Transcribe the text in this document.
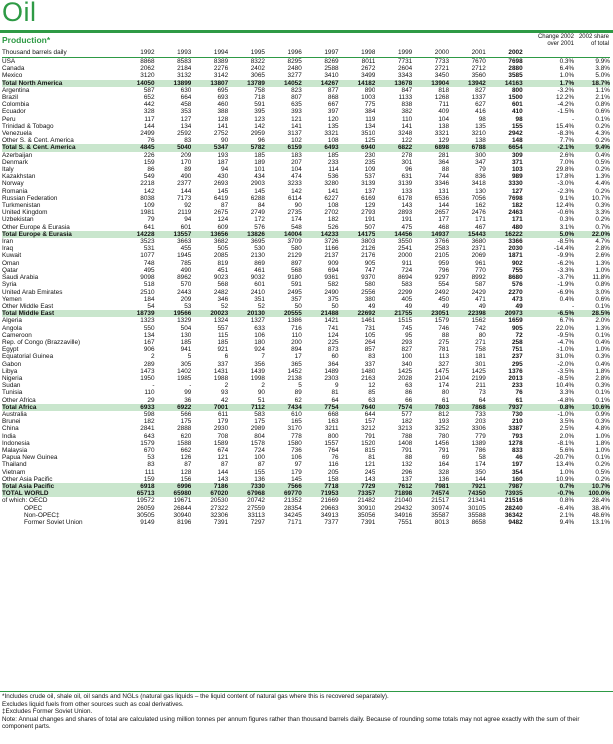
Oil
Production*	Change 2002 over 2001
2002 share of total
Thousand barrels daily	1992	1993	1994	1995	1996	1997	1998	1999	2000	2001	2002		
USA	8868	8583	8389	8322	8295	8269	8011	7731	7733	7670	7698	0.3%	9.9%
Canada	2062	2184	2276	2402	2480	2588	2672	2604	2721	2712	2880	6.4%	3.8%
Mexico	3120	3132	3142	3065	3277	3410	3499	3343	3450	3560	3585	1.0%	5.0%
Total North America	14050	13899	13807	13789	14052	14267	14182	13678	13904	13942	14163	1.7%	18.7%
Argentina	587	630	695	758	823	877	890	847	818	827	800	-3.2%	1.1%
Brazil	652	664	693	718	807	868	1003	1133	1268	1337	1500	12.2%	2.1%
Colombia	442	458	460	591	635	667	775	838	711	627	601	-4.2%	0.8%
Ecuador	328	353	388	395	393	397	384	382	409	416	410	-1.5%	0.6%
Peru	117	127	128	123	121	120	119	110	104	98	98	-	0.1%
Trinidad & Tobago	144	134	141	142	141	135	134	141	138	135	155	15.4%	0.2%
Venezuela	2499	2592	2752	2959	3137	3321	3510	3248	3321	3210	2942	-8.3%	4.3%
Other S. & Cent. America	76	83	90	96	102	108	125	122	129	138	148	7.7%	0.2%
Total S. & Cent. America	4845	5040	5347	5782	6159	6493	6940	6822	6898	6788	6654	-2.1%	9.4%
Azerbaijan	226	209	193	185	183	185	230	278	281	300	309	2.6%	0.4%
Denmark	159	170	187	189	207	233	235	301	364	347	371	7.0%	0.5%
Italy	86	89	94	101	104	114	109	96	88	79	103	29.8%	0.2%
Kazakhstan	549	490	430	434	474	536	537	631	744	836	989	17.8%	1.3%
Norway	2218	2377	2693	2903	3233	3280	3139	3139	3346	3418	3330	-3.0%	4.4%
Romania	142	144	145	145	142	141	137	133	131	130	127	-2.3%	0.2%
Russian Federation	8038	7173	6419	6288	6114	6227	6169	6178	6536	7056	7698	9.1%	10.7%
Turkmenistan	109	92	87	84	90	108	129	143	144	162	182	12.4%	0.3%
United Kingdom	1981	2119	2675	2749	2735	2702	2793	2893	2657	2476	2463	-0.6%	3.3%
Uzbekistan	79	94	124	172	174	182	191	191	177	171	171	0.3%	0.2%
Other Europe & Eurasia	641	601	609	576	548	526	507	475	468	467	480	3.1%	0.7%
Total Europe & Eurasia	14228	13557	13656	13826	14004	14233	14175	14456	14937	15443	16222	5.0%	22.0%
Iran	3523	3663	3682	3695	3709	3726	3803	3550	3766	3680	3366	-8.5%	4.7%
Iraq	531	455	505	530	580	1166	2126	2541	2583	2371	2030	-14.4%	2.8%
Kuwait	1077	1945	2085	2130	2129	2137	2176	2000	2105	2069	1871	-9.9%	2.6%
Oman	748	785	819	869	897	909	905	911	959	961	902	-6.2%	1.3%
Qatar	495	490	451	461	568	694	747	724	796	770	755	-3.3%	1.0%
Saudi Arabia	9098	8962	9023	9032	9180	9361	9370	8694	9297	8992	8680	-3.7%	11.8%
Syria	518	570	568	601	591	582	580	583	554	587	576	-1.9%	0.8%
United Arab Emirates	2510	2443	2482	2410	2495	2490	2556	2299	2492	2429	2270	-6.9%	3.0%
Yemen	184	209	346	351	357	375	380	405	450	471	473	0.4%	0.6%
Other Middle East	54	53	52	52	50	50	49	49	49	49	49	-	0.1%
Total Middle East	18739	19566	20023	20130	20555	21488	22692	21755	23051	22398	20973	-6.5%	28.5%
Algeria	1323	1329	1324	1327	1386	1421	1461	1515	1579	1562	1659	6.7%	2.0%
Angola	550	504	557	633	716	741	731	745	746	742	905	22.0%	1.3%
Cameroon	134	130	115	106	110	124	105	95	88	80	72	-9.5%	0.1%
Rep. of Congo (Brazzaville)	167	185	185	180	200	225	264	293	275	271	258	-4.7%	0.4%
Egypt	906	941	921	924	894	873	857	827	781	758	751	-1.0%	1.0%
Equatorial Guinea	2	5	6	7	17	60	83	100	113	181	237	31.0%	0.3%
Gabon	289	305	337	356	365	364	337	340	327	301	295	-2.0%	0.4%
Libya	1473	1402	1431	1439	1452	1489	1480	1425	1475	1425	1376	-3.5%	1.8%
Nigeria	1950	1985	1988	1998	2138	2303	2163	2028	2104	2199	2013	-8.5%	2.8%
Sudan	-	-	2	2	5	9	12	63	174	211	233	10.4%	0.3%
Tunisia	110	99	93	90	89	81	85	86	80	73	76	3.3%	0.1%
Other Africa	29	36	42	51	62	64	63	66	61	64	61	-4.8%	0.1%
Total Africa	6933	6922	7001	7112	7434	7754	7640	7574	7803	7868	7937	0.8%	10.6%
Australia	598	566	611	583	610	668	644	577	812	733	730	-1.0%	0.9%
Brunei	182	175	179	175	165	163	157	182	193	203	210	3.5%	0.3%
China	2841	2888	2930	2989	3170	3211	3212	3213	3252	3306	3387	2.5%	4.8%
India	643	620	708	804	778	800	791	788	780	779	793	2.0%	1.0%
Indonesia	1579	1588	1589	1578	1580	1557	1520	1408	1456	1389	1278	-8.1%	1.8%
Malaysia	670	662	674	724	736	764	815	791	791	786	833	5.6%	1.0%
Papua New Guinea	53	126	121	100	106	76	81	88	69	58	46	-20.7%	0.1%
Thailand	83	87	87	87	97	116	121	132	164	174	197	13.4%	0.2%
Vietnam	111	128	144	155	179	205	245	296	328	350	354	1.0%	0.5%
Other Asia Pacific	159	156	143	136	145	158	143	137	136	144	160	10.9%	0.2%
Total Asia Pacific	6918	6996	7186	7330	7566	7718	7729	7612	7981	7921	7987	0.7%	10.7%
TOTAL WORLD	65713	65980	67020	67968	69770	71953	73357	71898	74574	74350	73935	-0.7%	100.0%
of which: OECD	19572	19671	20530	20742	21352	21669	21482	21040	21517	21341	21516	0.8%	28.4%
OPEC	26059	26844	27322	27559	28354	29663	30910	29432	30974	30105	28240	-6.4%	38.4%
Non-OPEC‡	30505	30940	32306	33113	34245	34913	35056	34916	35587	35588	36342	2.1%	48.6%
Former Soviet Union	9149	8196	7391	7297	7171	7377	7391	7551	8013	8658	9482	9.4%	13.1%
*Includes crude oil, shale oil, oil sands and NGLs (natural gas liquids – the liquid content of natural gas where this is recovered separately).
Excludes liquid fuels from other sources such as coal derivatives.
‡Excludes Former Soviet Union.
Note: Annual changes and shares of total are calculated using million tonnes per annum figures rather than thousand barrels daily. Because of rounding some totals may not agree exactly with the sum of their component parts.
